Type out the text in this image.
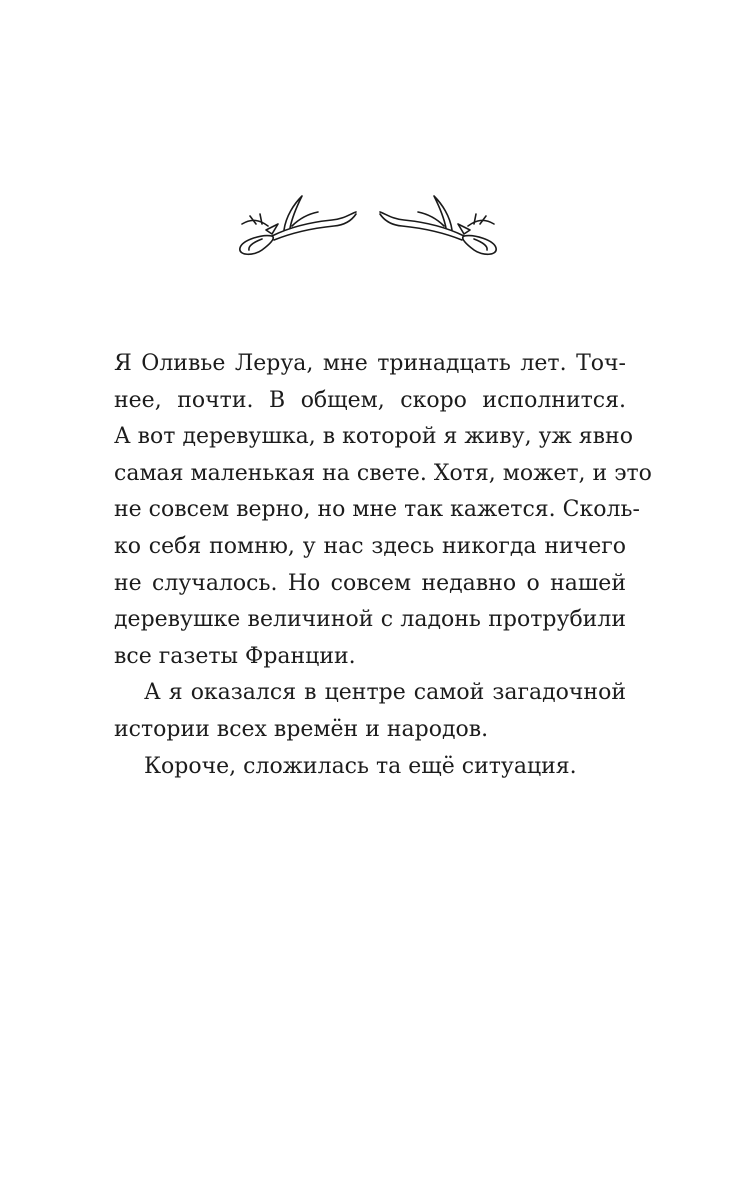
Я Оливье Леруа, мне тринадцать лет. Точ-
нее, почти. В общем, скоро исполнится.
А вот деревушка, в которой я живу, уж явно
самая маленькая на свете. Хотя, может, и это
не совсем верно, но мне так кажется. Сколь-
ко себя помню, у нас здесь никогда ничего
не случалось. Но совсем недавно о нашей
деревушке величиной с ладонь протрубили
все газеты Франции.
А я оказался в центре самой загадочной
истории всех времён и народов.
Короче, сложилась та ещё ситуация.
